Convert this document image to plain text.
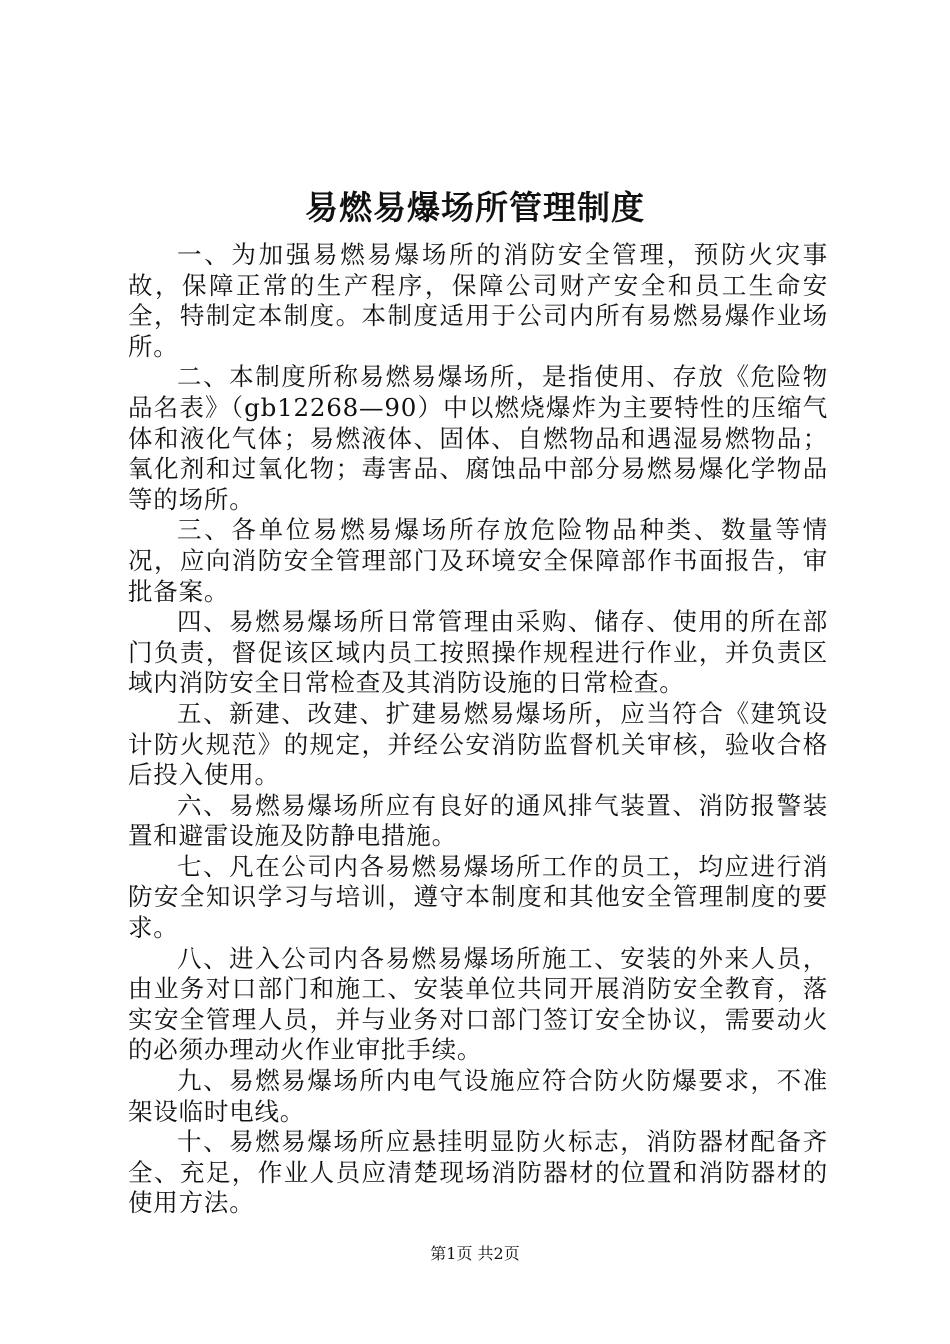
易燃易爆场所管理制度

一、为加强易燃易爆场所的消防安全管理，预防火灾事故，保障正常的生产程序，保障公司财产安全和员工生命安全，特制定本制度。本制度适用于公司内所有易燃易爆作业场所。

二、本制度所称易燃易爆场所，是指使用、存放《危险物品名表》（gb12268—90）中以燃烧爆炸为主要特性的压缩气体和液化气体；易燃液体、固体、自燃物品和遇湿易燃物品；氧化剂和过氧化物；毒害品、腐蚀品中部分易燃易爆化学物品等的场所。

三、各单位易燃易爆场所存放危险物品种类、数量等情况，应向消防安全管理部门及环境安全保障部作书面报告，审批备案。

四、易燃易爆场所日常管理由采购、储存、使用的所在部门负责，督促该区域内员工按照操作规程进行作业，并负责区域内消防安全日常检查及其消防设施的日常检查。

五、新建、改建、扩建易燃易爆场所，应当符合《建筑设计防火规范》的规定，并经公安消防监督机关审核，验收合格后投入使用。

六、易燃易爆场所应有良好的通风排气装置、消防报警装置和避雷设施及防静电措施。

七、凡在公司内各易燃易爆场所工作的员工，均应进行消防安全知识学习与培训，遵守本制度和其他安全管理制度的要求。

八、进入公司内各易燃易爆场所施工、安装的外来人员，由业务对口部门和施工、安装单位共同开展消防安全教育，落实安全管理人员，并与业务对口部门签订安全协议，需要动火的必须办理动火作业审批手续。

九、易燃易爆场所内电气设施应符合防火防爆要求，不准架设临时电线。

十、易燃易爆场所应悬挂明显防火标志，消防器材配备齐全、充足，作业人员应清楚现场消防器材的位置和消防器材的使用方法。

第1页 共2页
